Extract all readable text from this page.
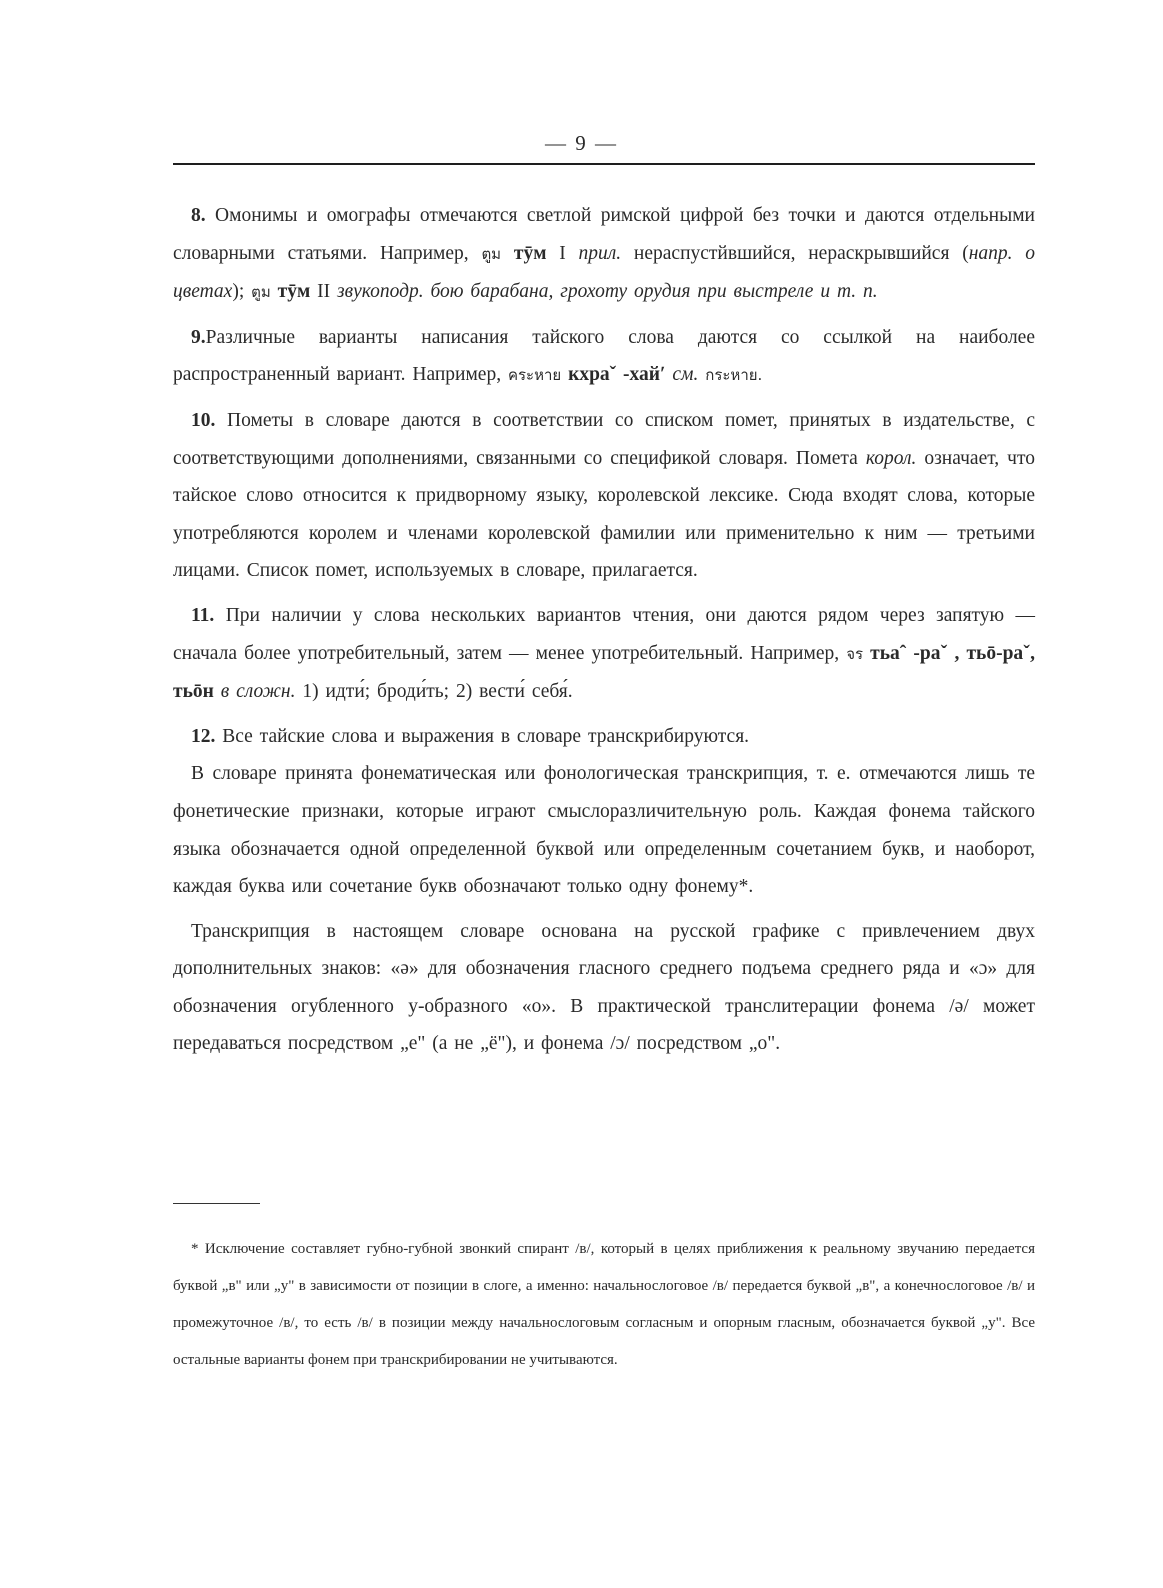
— 9 —

8. Омонимы и омографы отмечаются светлой римской цифрой без точки и даются отдельными словарными статьями. Например, ตูม тӯм I прил. нераспустйвшийся, нераскрывшийся (напр. о цветах); ตูม тӯм II звукоподр. бою барабана, грохоту орудия при выстреле и т. п.

9.Различные варианты написания тайского слова даются со ссылкой на наиболее распространенный вариант. Например, คระหาย кхраˇ -хайʹ см. กระหาย.

10. Пометы в словаре даются в соответствии со списком помет, принятых в издательстве, с соответствующими дополнениями, связанными со спецификой словаря. Помета корол. означает, что тайское слово относится к придворному языку, королевской лексике. Сюда входят слова, которые употребляются королем и членами королевской фамилии или применительно к ним — третьими лицами. Список помет, используемых в словаре, прилагается.

11. При наличии у слова нескольких вариантов чтения, они даются рядом через запятую — сначала более употребительный, затем — менее употребительный. Например, จร тьаˆ -раˇ , тьō-раˇ, тьōн в сложн. 1) идти́; броди́ть; 2) вести́ себя́.

12. Все тайские слова и выражения в словаре транскрибируются.

В словаре принята фонематическая или фонологическая транскрипция, т. е. отмечаются лишь те фонетические признаки, которые играют смыслоразличительную роль. Каждая фонема тайского языка обозначается одной определенной буквой или определенным сочетанием букв, и наоборот, каждая буква или сочетание букв обозначают только одну фонему*.

Транскрипция в настоящем словаре основана на русской графике с привлечением двух дополнительных знаков: «ə» для обозначения гласного среднего подъема среднего ряда и «ɔ» для обозначения огубленного у-образного «о». В практической транслитерации фонема /ə/ может передаваться посредством „е" (а не „ё"), и фонема /ɔ/ посредством „о".

* Исключение составляет губно-губной звонкий спирант /в/, который в целях приближения к реальному звучанию передается буквой „в" или „у" в зависимости от позиции в слоге, а именно: начальнослоговое /в/ передается буквой „в", а конечнослоговое /в/ и промежуточное /в/, то есть /в/ в позиции между начальнослоговым согласным и опорным гласным, обозначается буквой „у". Все остальные варианты фонем при транскрибировании не учитываются.
